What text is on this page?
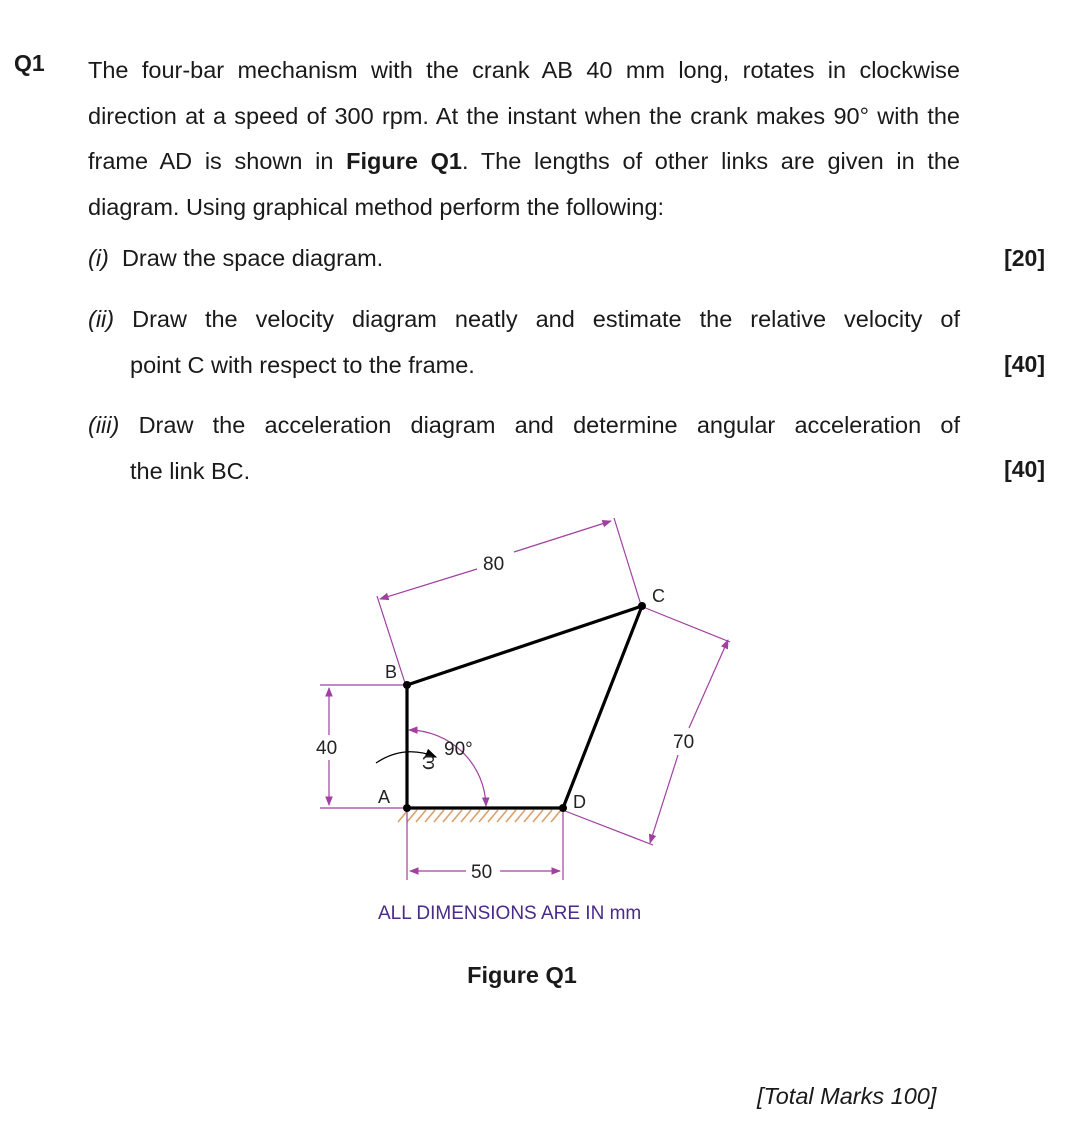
Q1 The four-bar mechanism with the crank AB 40 mm long, rotates in clockwise direction at a speed of 300 rpm. At the instant when the crank makes 90° with the frame AD is shown in Figure Q1. The lengths of other links are given in the diagram. Using graphical method perform the following:
(i) Draw the space diagram.	[20]
(ii) Draw the velocity diagram neatly and estimate the relative velocity of
point C with respect to the frame.	[40]
(iii) Draw the acceleration diagram and determine angular acceleration of
the link BC.	[40]
B
A
C
D
40
50
80
70
90°
ω
ALL DIMENSIONS ARE IN mm
Figure Q1
[Total Marks 100]
